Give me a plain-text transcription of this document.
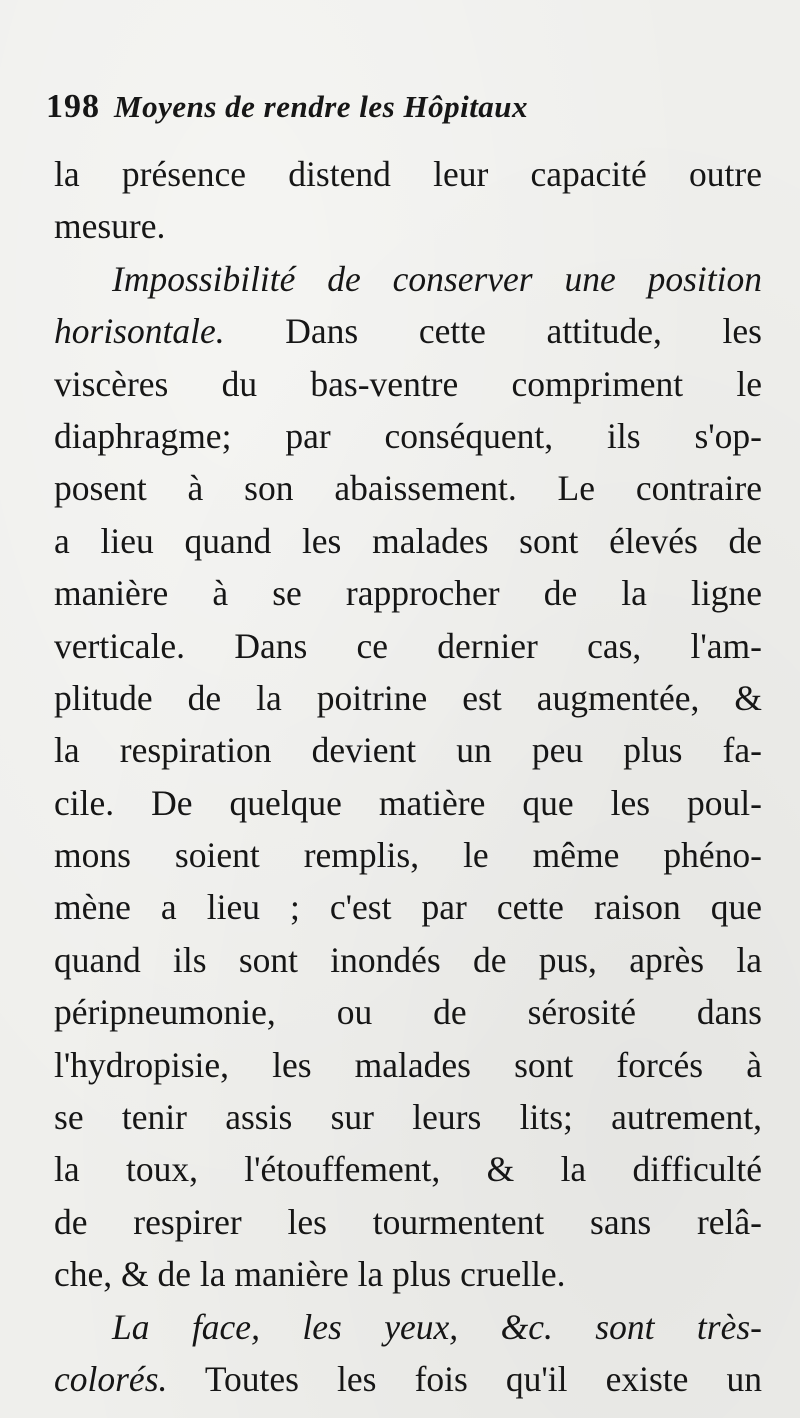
198 Moyens de rendre les Hôpitaux
la présence distend leur capacité outre
mesure.
Impossibilité de conserver une position
horisontale. Dans cette attitude, les
viscères du bas-ventre compriment le
diaphragme; par conséquent, ils s'op-
posent à son abaissement. Le contraire
a lieu quand les malades sont élevés de
manière à se rapprocher de la ligne
verticale. Dans ce dernier cas, l'am-
plitude de la poitrine est augmentée, &
la respiration devient un peu plus fa-
cile. De quelque matière que les poul-
mons soient remplis, le même phéno-
mène a lieu ; c'est par cette raison que
quand ils sont inondés de pus, après la
péripneumonie, ou de sérosité dans
l'hydropisie, les malades sont forcés à
se tenir assis sur leurs lits; autrement,
la toux, l'étouffement, & la difficulté
de respirer les tourmentent sans relâ-
che, & de la manière la plus cruelle.
La face, les yeux, &c. sont très-
colorés. Toutes les fois qu'il existe un
